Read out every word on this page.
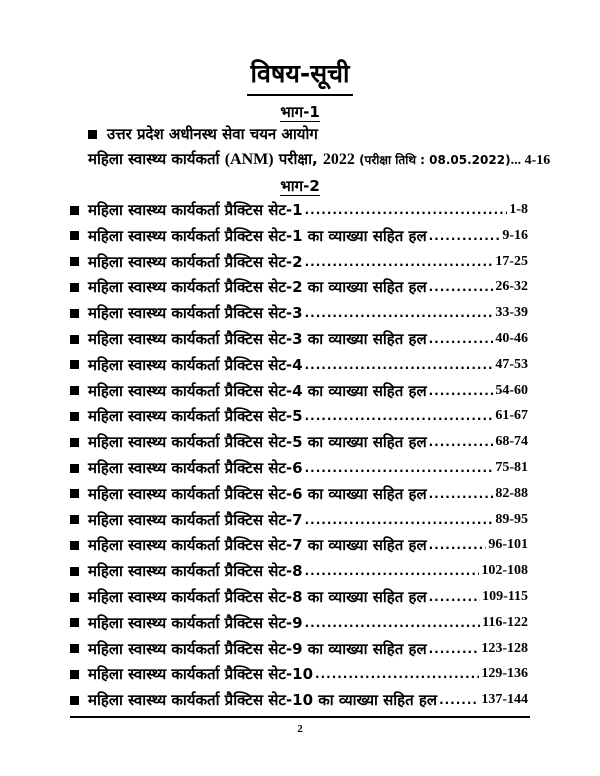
विषय-सूची
भाग-1
उत्तर प्रदेश अधीनस्थ सेवा चयन आयोग
महिला स्वास्थ्य कार्यकर्ता (ANM) परीक्षा, 2022 (परीक्षा तिथि : 08.05.2022)... 4-16
भाग-2
महिला स्वास्थ्य कार्यकर्ता प्रैक्टिस सेट-1 .....	1-8
महिला स्वास्थ्य कार्यकर्ता प्रैक्टिस सेट-1 का व्याख्या सहित हल .....	9-16
महिला स्वास्थ्य कार्यकर्ता प्रैक्टिस सेट-2 .....	17-25
महिला स्वास्थ्य कार्यकर्ता प्रैक्टिस सेट-2 का व्याख्या सहित हल .....	26-32
महिला स्वास्थ्य कार्यकर्ता प्रैक्टिस सेट-3 .....	33-39
महिला स्वास्थ्य कार्यकर्ता प्रैक्टिस सेट-3 का व्याख्या सहित हल .....	40-46
महिला स्वास्थ्य कार्यकर्ता प्रैक्टिस सेट-4 .....	47-53
महिला स्वास्थ्य कार्यकर्ता प्रैक्टिस सेट-4 का व्याख्या सहित हल .....	54-60
महिला स्वास्थ्य कार्यकर्ता प्रैक्टिस सेट-5 .....	61-67
महिला स्वास्थ्य कार्यकर्ता प्रैक्टिस सेट-5 का व्याख्या सहित हल .....	68-74
महिला स्वास्थ्य कार्यकर्ता प्रैक्टिस सेट-6 .....	75-81
महिला स्वास्थ्य कार्यकर्ता प्रैक्टिस सेट-6 का व्याख्या सहित हल .....	82-88
महिला स्वास्थ्य कार्यकर्ता प्रैक्टिस सेट-7 .....	89-95
महिला स्वास्थ्य कार्यकर्ता प्रैक्टिस सेट-7 का व्याख्या सहित हल .....	96-101
महिला स्वास्थ्य कार्यकर्ता प्रैक्टिस सेट-8 .....	102-108
महिला स्वास्थ्य कार्यकर्ता प्रैक्टिस सेट-8 का व्याख्या सहित हल .....	109-115
महिला स्वास्थ्य कार्यकर्ता प्रैक्टिस सेट-9 .....	116-122
महिला स्वास्थ्य कार्यकर्ता प्रैक्टिस सेट-9 का व्याख्या सहित हल .....	123-128
महिला स्वास्थ्य कार्यकर्ता प्रैक्टिस सेट-10 .....	129-136
महिला स्वास्थ्य कार्यकर्ता प्रैक्टिस सेट-10 का व्याख्या सहित हल .....	137-144
2
